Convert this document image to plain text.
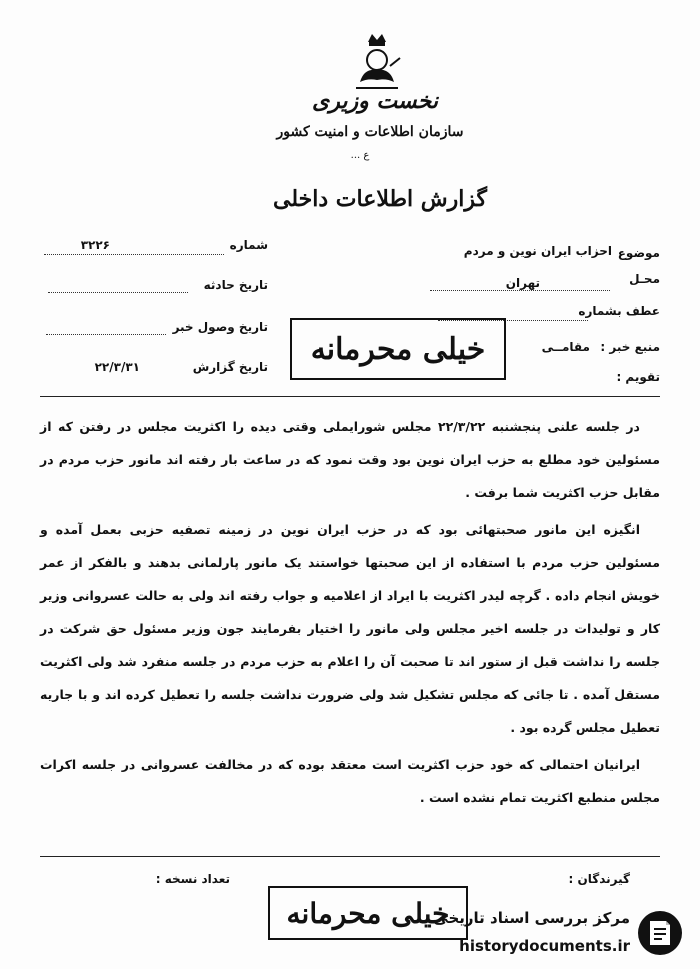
نخست وزیری
سازمان اطلاعات و امنیت کشور
ع ...
گزارش اطلاعات داخلی
موضوع
احزاب ایران نوین و مردم
محـل
تهران
عطف بشماره
منبع خبر :
مقامــی
تقویم :
شماره
۳۲۲۶
تاریخ حادثه
تاریخ وصول خبر
تاریخ گزارش
۲۲/۳/۳۱
خیلی محرمانه

در جلسه علنی پنجشنبه ۲۲/۳/۲۲ مجلس شورایملی وقتی دیده را اکثریت مجلس در رفتن که از مسئولین خود مطلع به حزب ایران نوین بود وقت نمود که در ساعت بار رفته اند مانور حزب مردم در مقابل حزب اکثریت شما برفت .

انگیزه این مانور صحبتهائی بود که در حزب ایران نوین در زمینه تصفیه حزبی بعمل آمده و مسئولین حزب مردم با استفاده از این صحبتها خواستند یک مانور پارلمانی بدهند و بالفکر از عمر خویش انجام داده . گرچه لیدر اکثریت با ایراد از اعلامیه و جواب رفته اند ولی به حالت عسروانی وزیر کار و تولیدات در جلسه اخیر مجلس ولی مانور را اختیار بفرمایند جون وزیر مسئول حق شرکت در جلسه را نداشت قبل از ستور اند تا صحبت آن را اعلام به حزب مردم در جلسه منفرد شد ولی اکثریت مستقل آمده . تا جائی که مجلس تشکیل شد ولی ضرورت نداشت جلسه را تعطیل کرده اند و با جاریه تعطیل مجلس گرده بود .

ایرانیان احتمالی که خود حزب اکثریت است معتقد بوده که در مخالفت عسروانی در جلسه اکرات مجلس منطبع اکثریت تمام نشده است .

گیرندگان :
تعداد نسخه :
خیلی محرمانه
مرکز بررسی اسناد تاریخی
historydocuments.ir
